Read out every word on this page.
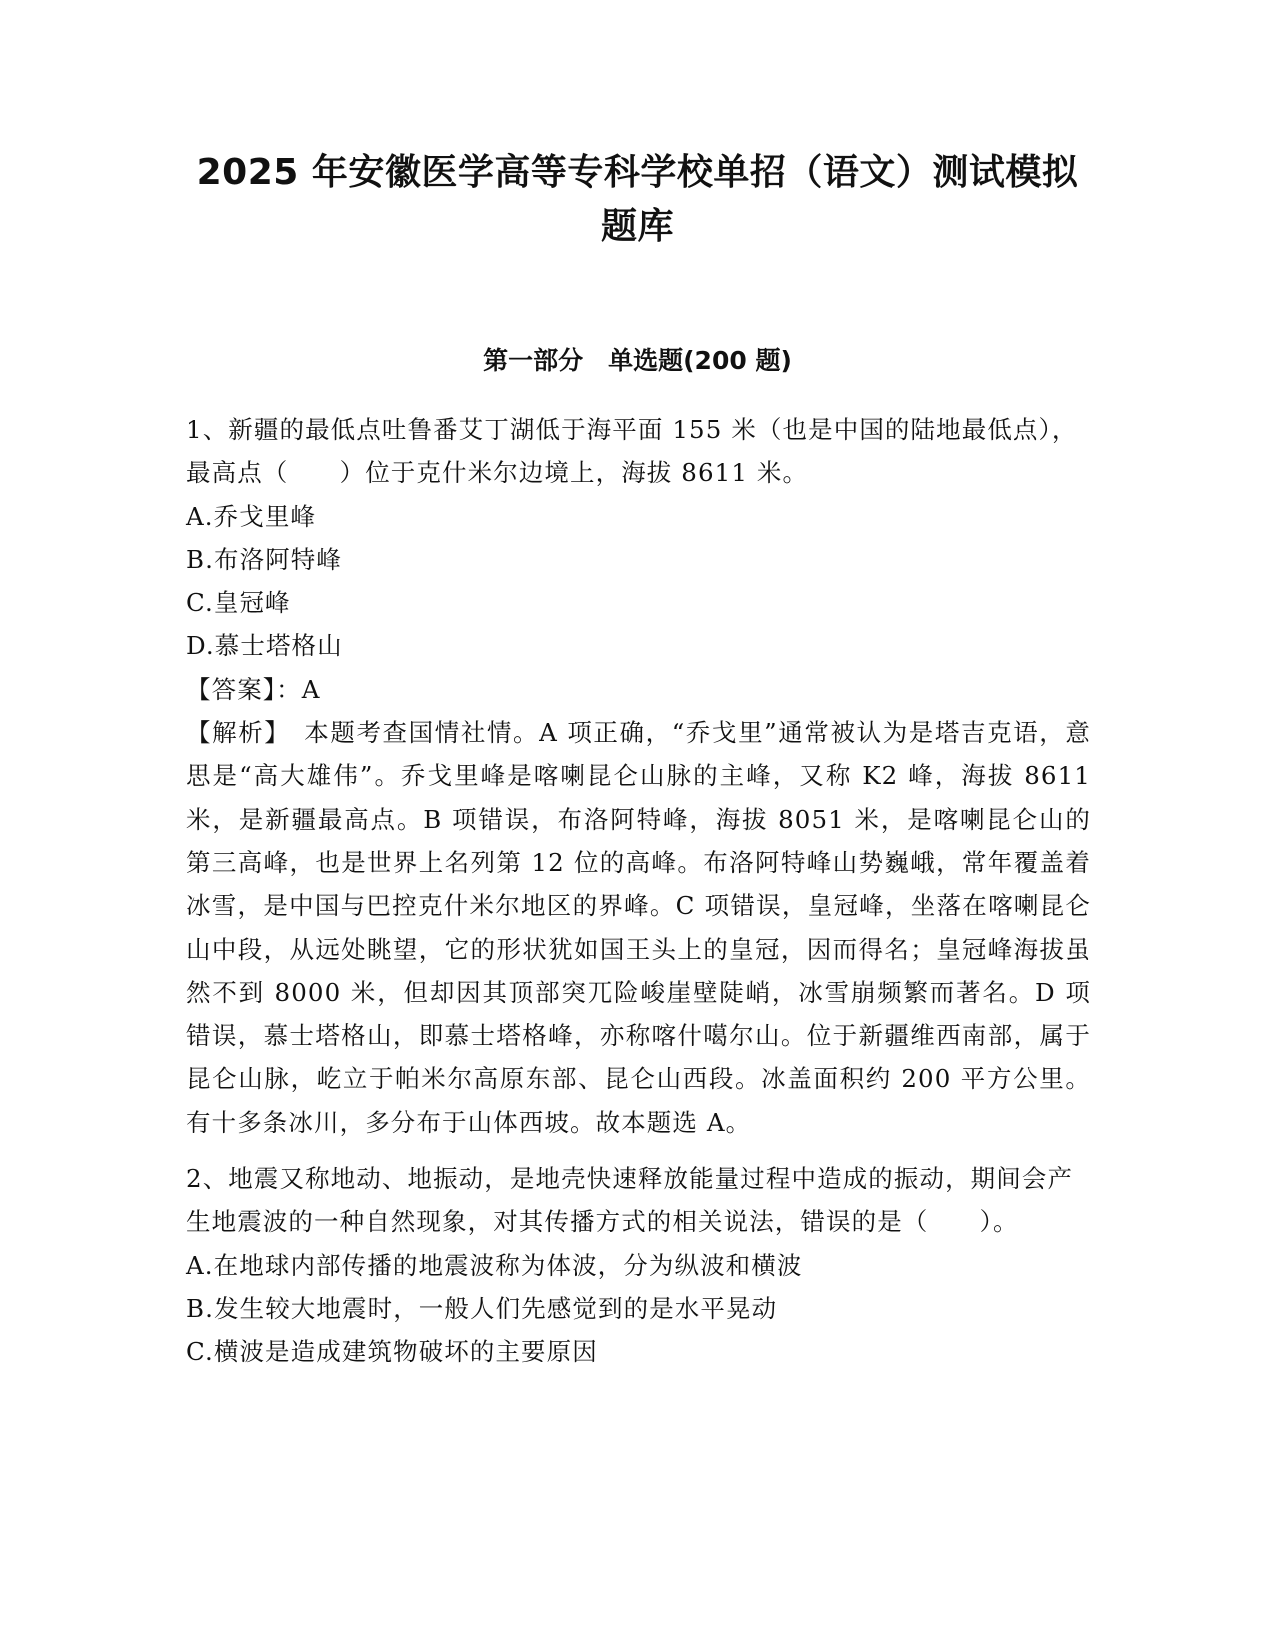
2025 年安徽医学高等专科学校单招（语文）测试模拟题库
第一部分　单选题(200 题)

1、新疆的最低点吐鲁番艾丁湖低于海平面 155 米（也是中国的陆地最低点），最高点（　　）位于克什米尔边境上，海拔 8611 米。

A.乔戈里峰

B.布洛阿特峰

C.皇冠峰

D.慕士塔格山

【答案】：A

【解析】　本题考查国情社情。A 项正确，“乔戈里”通常被认为是塔吉克语，意思是“高大雄伟”。乔戈里峰是喀喇昆仑山脉的主峰，又称 K2 峰，海拔 8611 米，是新疆最高点。B 项错误，布洛阿特峰，海拔 8051 米，是喀喇昆仑山的第三高峰，也是世界上名列第 12 位的高峰。布洛阿特峰山势巍峨，常年覆盖着冰雪，是中国与巴控克什米尔地区的界峰。C 项错误，皇冠峰，坐落在喀喇昆仑山中段，从远处眺望，它的形状犹如国王头上的皇冠，因而得名；皇冠峰海拔虽然不到 8000 米，但却因其顶部突兀险峻崖壁陡峭，冰雪崩频繁而著名。D 项错误，慕士塔格山，即慕士塔格峰，亦称喀什噶尔山。位于新疆维西南部，属于昆仑山脉，屹立于帕米尔高原东部、昆仑山西段。冰盖面积约 200 平方公里。有十多条冰川，多分布于山体西坡。故本题选 A。

2、地震又称地动、地振动，是地壳快速释放能量过程中造成的振动，期间会产生地震波的一种自然现象，对其传播方式的相关说法，错误的是（　　）。

A.在地球内部传播的地震波称为体波，分为纵波和横波

B.发生较大地震时，一般人们先感觉到的是水平晃动

C.横波是造成建筑物破坏的主要原因
